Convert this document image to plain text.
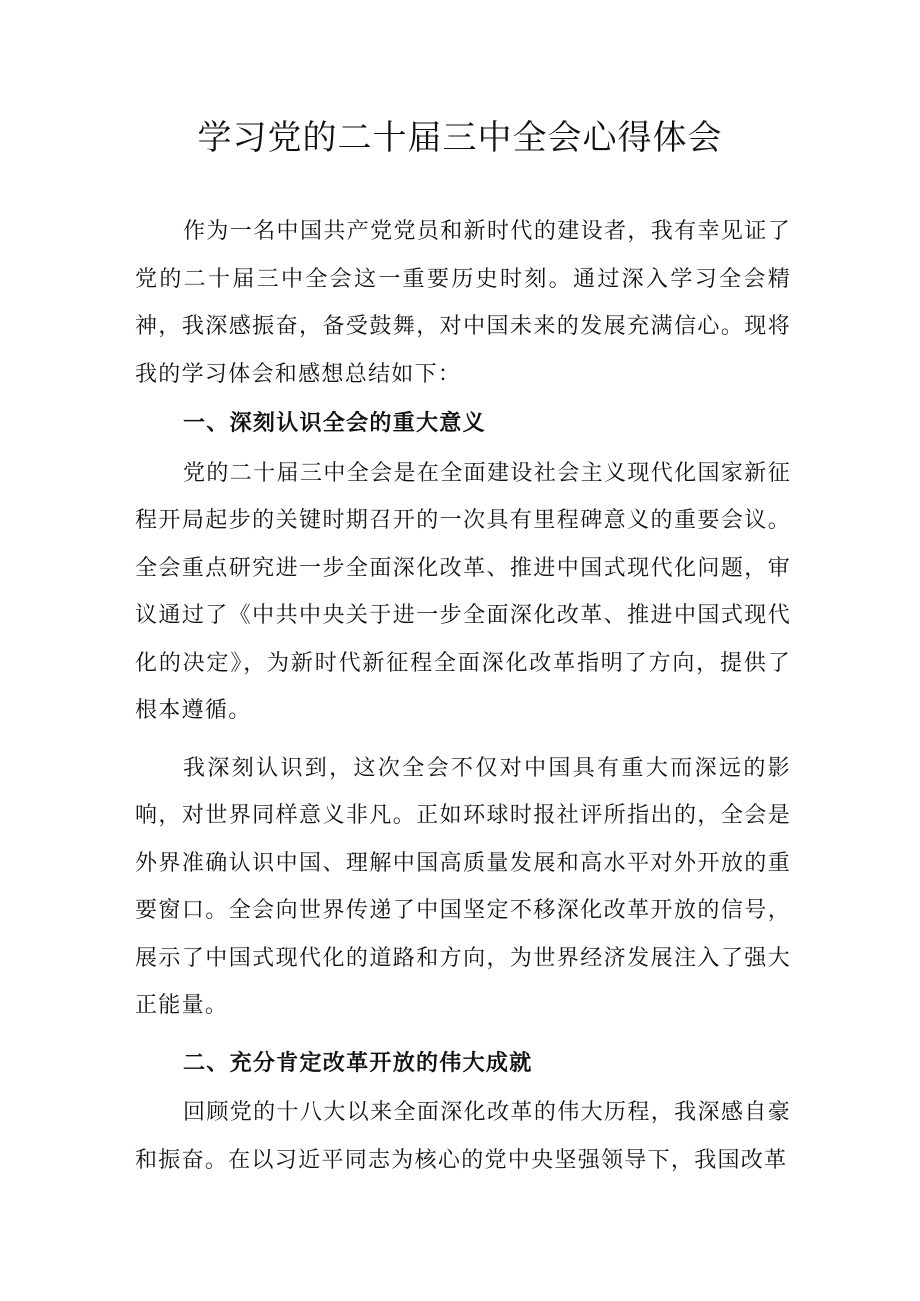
学习党的二十届三中全会心得体会

作为一名中国共产党党员和新时代的建设者，我有幸见证了党的二十届三中全会这一重要历史时刻。通过深入学习全会精神，我深感振奋，备受鼓舞，对中国未来的发展充满信心。现将我的学习体会和感想总结如下：

一、深刻认识全会的重大意义

党的二十届三中全会是在全面建设社会主义现代化国家新征程开局起步的关键时期召开的一次具有里程碑意义的重要会议。全会重点研究进一步全面深化改革、推进中国式现代化问题，审议通过了《中共中央关于进一步全面深化改革、推进中国式现代化的决定》，为新时代新征程全面深化改革指明了方向，提供了根本遵循。

我深刻认识到，这次全会不仅对中国具有重大而深远的影响，对世界同样意义非凡。正如环球时报社评所指出的，全会是外界准确认识中国、理解中国高质量发展和高水平对外开放的重要窗口。全会向世界传递了中国坚定不移深化改革开放的信号，展示了中国式现代化的道路和方向，为世界经济发展注入了强大正能量。

二、充分肯定改革开放的伟大成就

回顾党的十八大以来全面深化改革的伟大历程，我深感自豪和振奋。在以习近平同志为核心的党中央坚强领导下，我国改革
